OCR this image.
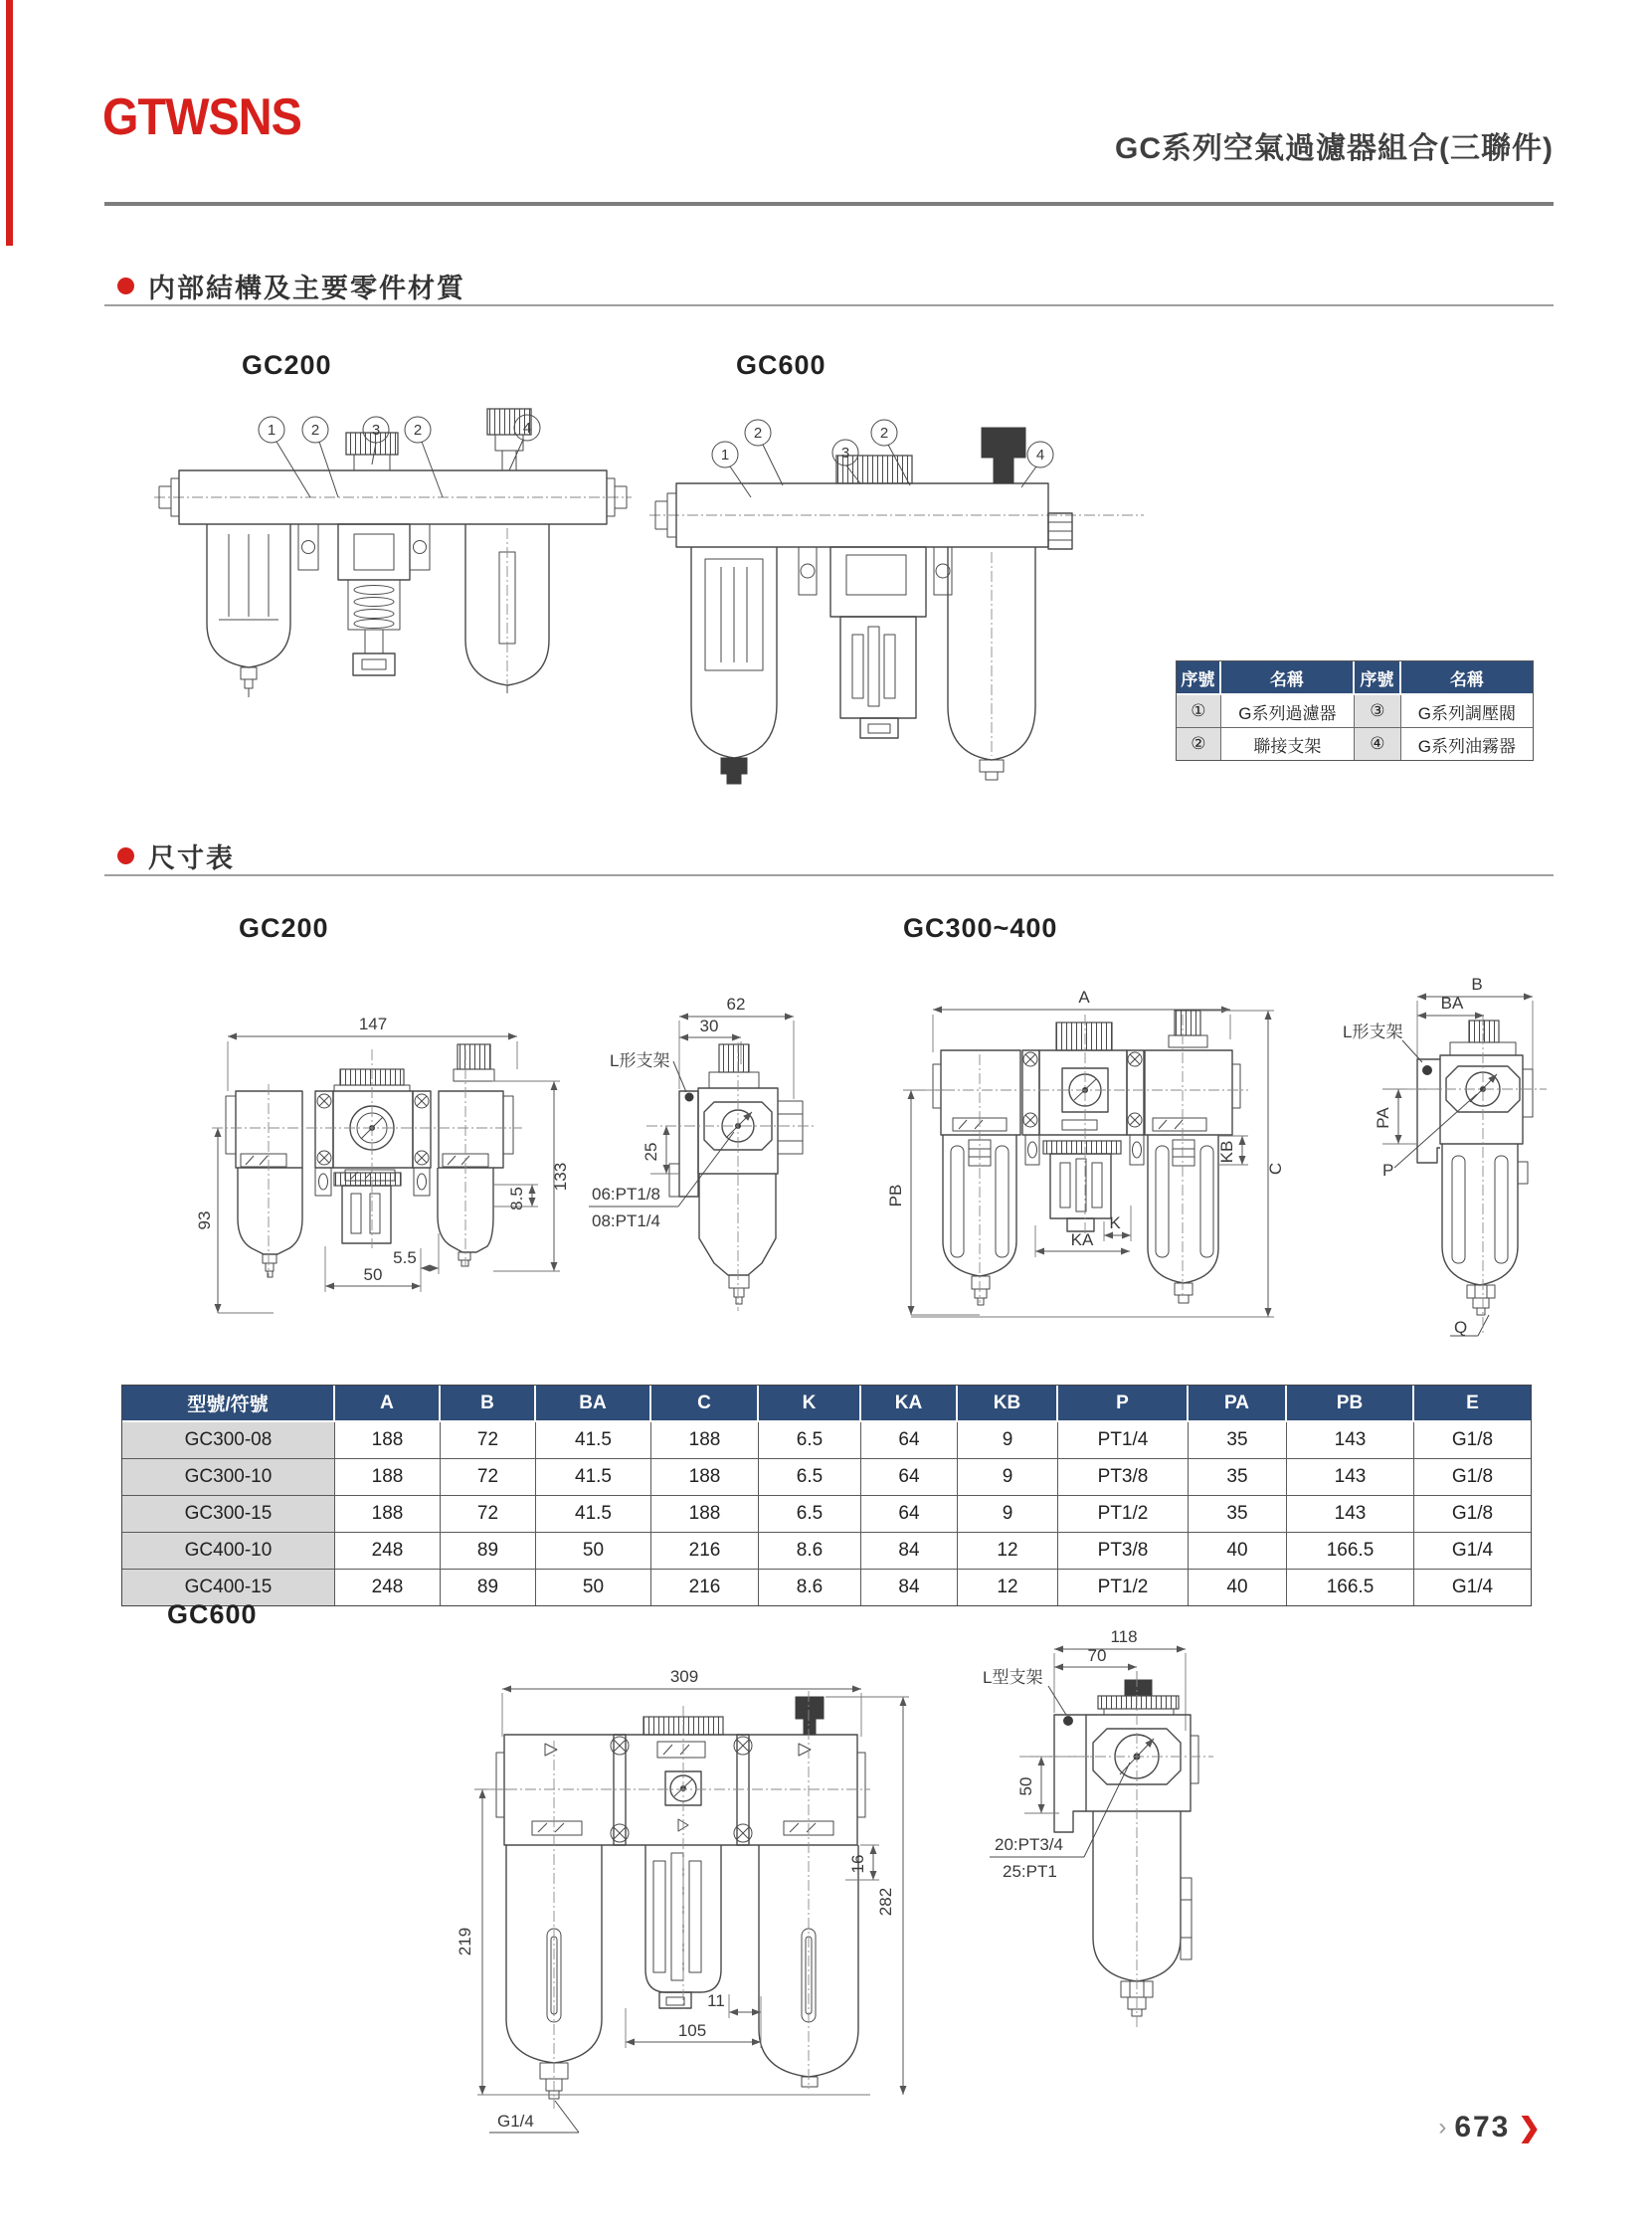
GTWSNS
GC系列空氣過濾器組合(三聯件)
内部結構及主要零件材質
GC200
1 2	3 2	4
GC600
1
2
3
2
4
序號	名稱	序號	名稱
①	G系列過濾器	③	G系列調壓閥
②	聯接支架	④	G系列油霧器
尺寸表
GC200
147
93
133
8.5
50
5.5
62
30
L形支架
25
06:PT1/8
08:PT1/4
GC300~400
A
PB
C
KB
K
KA
B
BA
L形支架
PA
P
Q
型號/符號	A	B	BA	C	K	KA	KB	P	PA	PB	E
GC300-08	188	72	41.5	188	6.5	64	9	PT1/4	35	143	G1/8
GC300-10	188	72	41.5	188	6.5	64	9	PT3/8	35	143	G1/8
GC300-15	188	72	41.5	188	6.5	64	9	PT1/2	35	143	G1/8
GC400-10	248	89	50	216	8.6	84	12	PT3/8	40	166.5	G1/4
GC400-15	248	89	50	216	8.6	84	12	PT1/2	40	166.5	G1/4
GC600
309
219
282
16
11
105
G1/4
118
70
L型支架
50
20:PT3/4
25:PT1
› 673 ❯
